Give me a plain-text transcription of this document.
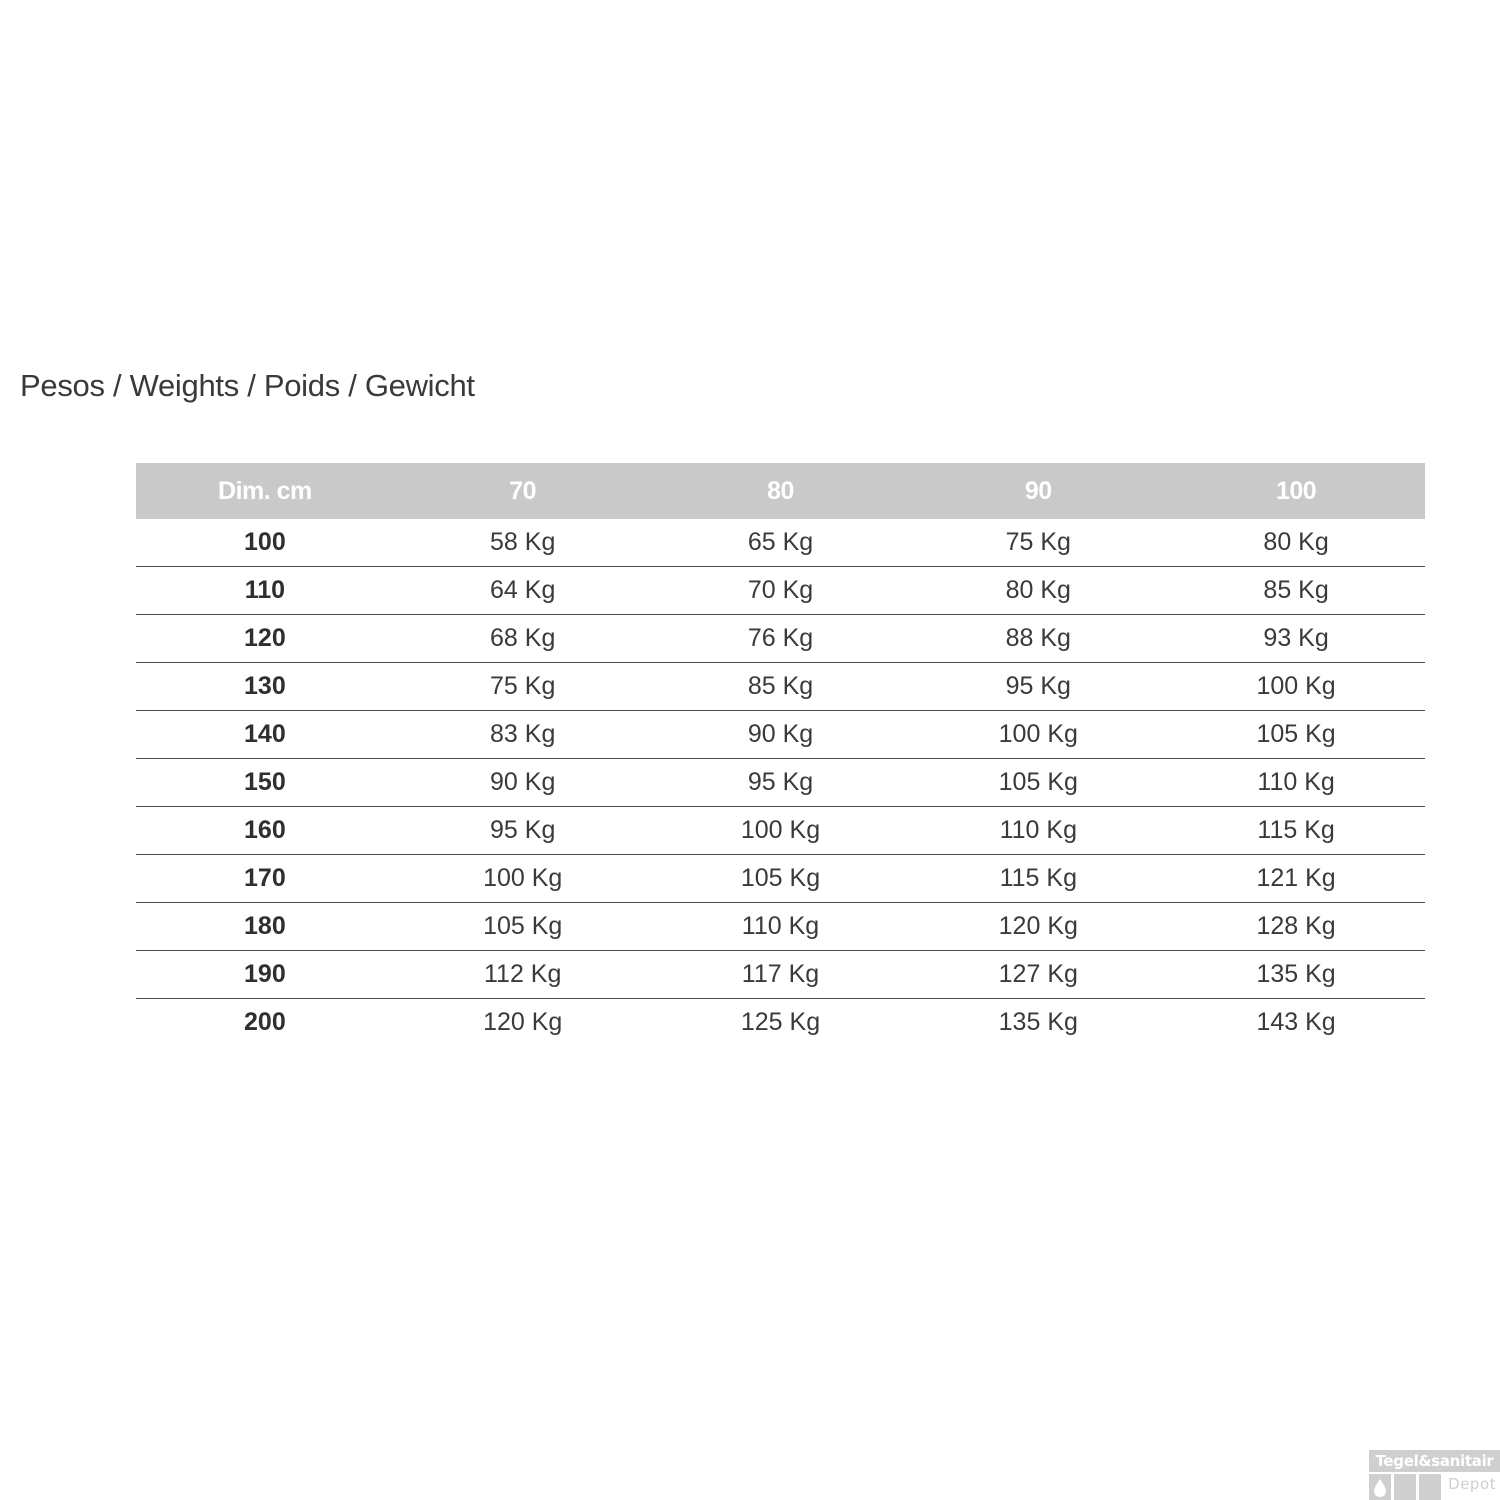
Pesos / Weights / Poids / Gewicht
Dim. cm	70	80	90	100
100	58 Kg	65 Kg	75 Kg	80 Kg
110	64 Kg	70 Kg	80 Kg	85 Kg
120	68 Kg	76 Kg	88 Kg	93 Kg
130	75 Kg	85 Kg	95 Kg	100 Kg
140	83 Kg	90 Kg	100 Kg	105 Kg
150	90 Kg	95 Kg	105 Kg	110 Kg
160	95 Kg	100 Kg	110 Kg	115 Kg
170	100 Kg	105 Kg	115 Kg	121 Kg
180	105 Kg	110 Kg	120 Kg	128 Kg
190	112 Kg	117 Kg	127 Kg	135 Kg
200	120 Kg	125 Kg	135 Kg	143 Kg
Tegel&sanitair
Depot
